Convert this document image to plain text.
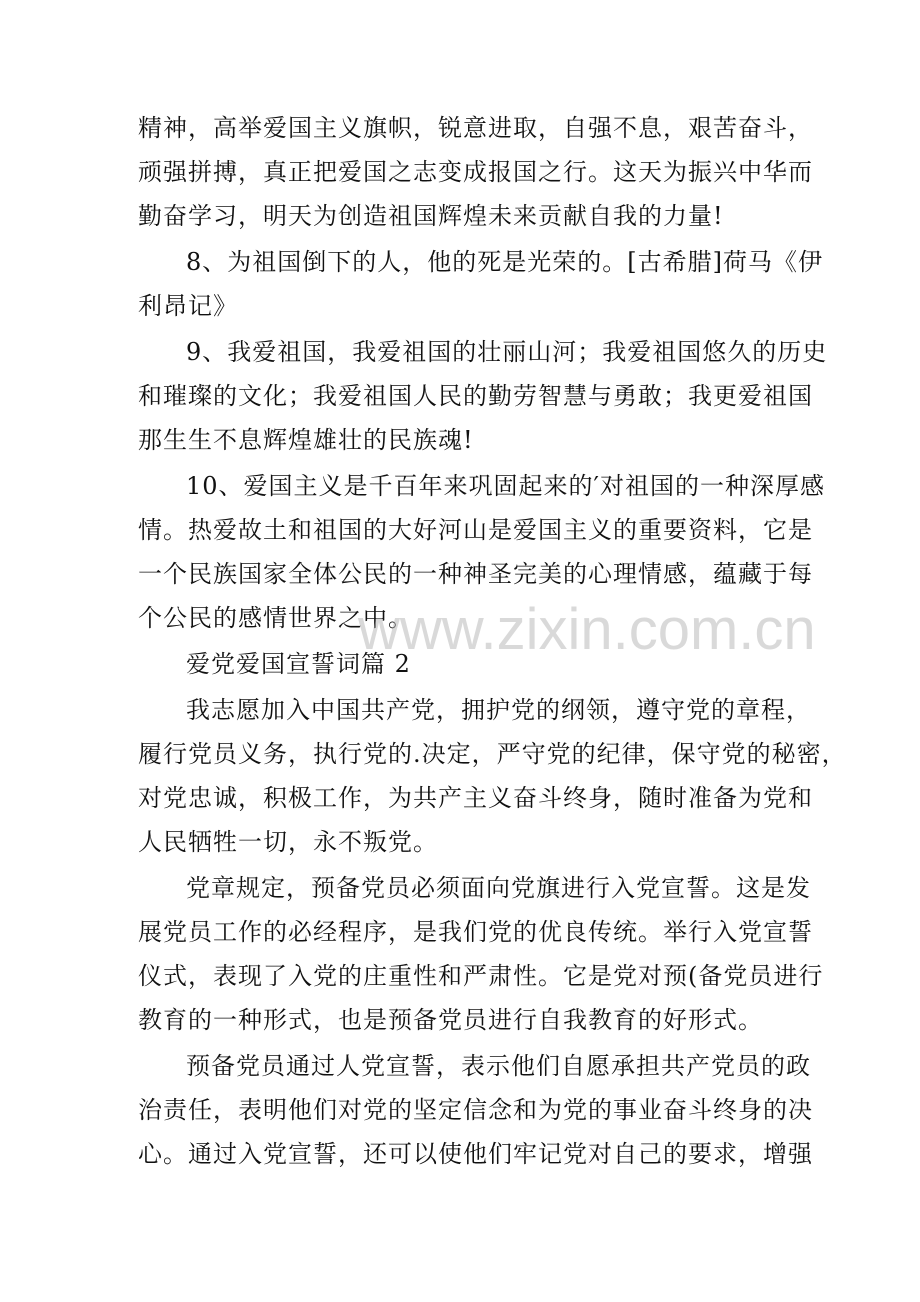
精神，高举爱国主义旗帜，锐意进取，自强不息，艰苦奋斗，
顽强拼搏，真正把爱国之志变成报国之行。这天为振兴中华而
勤奋学习，明天为创造祖国辉煌未来贡献自我的力量!
8、为祖国倒下的人，他的死是光荣的。[古希腊]荷马《伊
利昂记》
9、我爱祖国，我爱祖国的壮丽山河；我爱祖国悠久的历史
和璀璨的文化；我爱祖国人民的勤劳智慧与勇敢；我更爱祖国
那生生不息辉煌雄壮的民族魂!
10、爱国主义是千百年来巩固起来的′对祖国的一种深厚感
情。热爱故土和祖国的大好河山是爱国主义的重要资料，它是
一个民族国家全体公民的一种神圣完美的心理情感，蕴藏于每
个公民的感情世界之中。
爱党爱国宣誓词篇 2
我志愿加入中国共产党，拥护党的纲领，遵守党的章程，
履行党员义务，执行党的.决定，严守党的纪律，保守党的秘密，
对党忠诚，积极工作，为共产主义奋斗终身，随时准备为党和
人民牺牲一切，永不叛党。
党章规定，预备党员必须面向党旗进行入党宣誓。这是发
展党员工作的必经程序，是我们党的优良传统。举行入党宣誓
仪式，表现了入党的庄重性和严肃性。它是党对预(备党员进行
教育的一种形式，也是预备党员进行自我教育的好形式。
预备党员通过人党宣誓，表示他们自愿承担共产党员的政
治责任，表明他们对党的坚定信念和为党的事业奋斗终身的决
心。通过入党宣誓，还可以使他们牢记党对自己的要求，增强
www.zixin.com.cn
